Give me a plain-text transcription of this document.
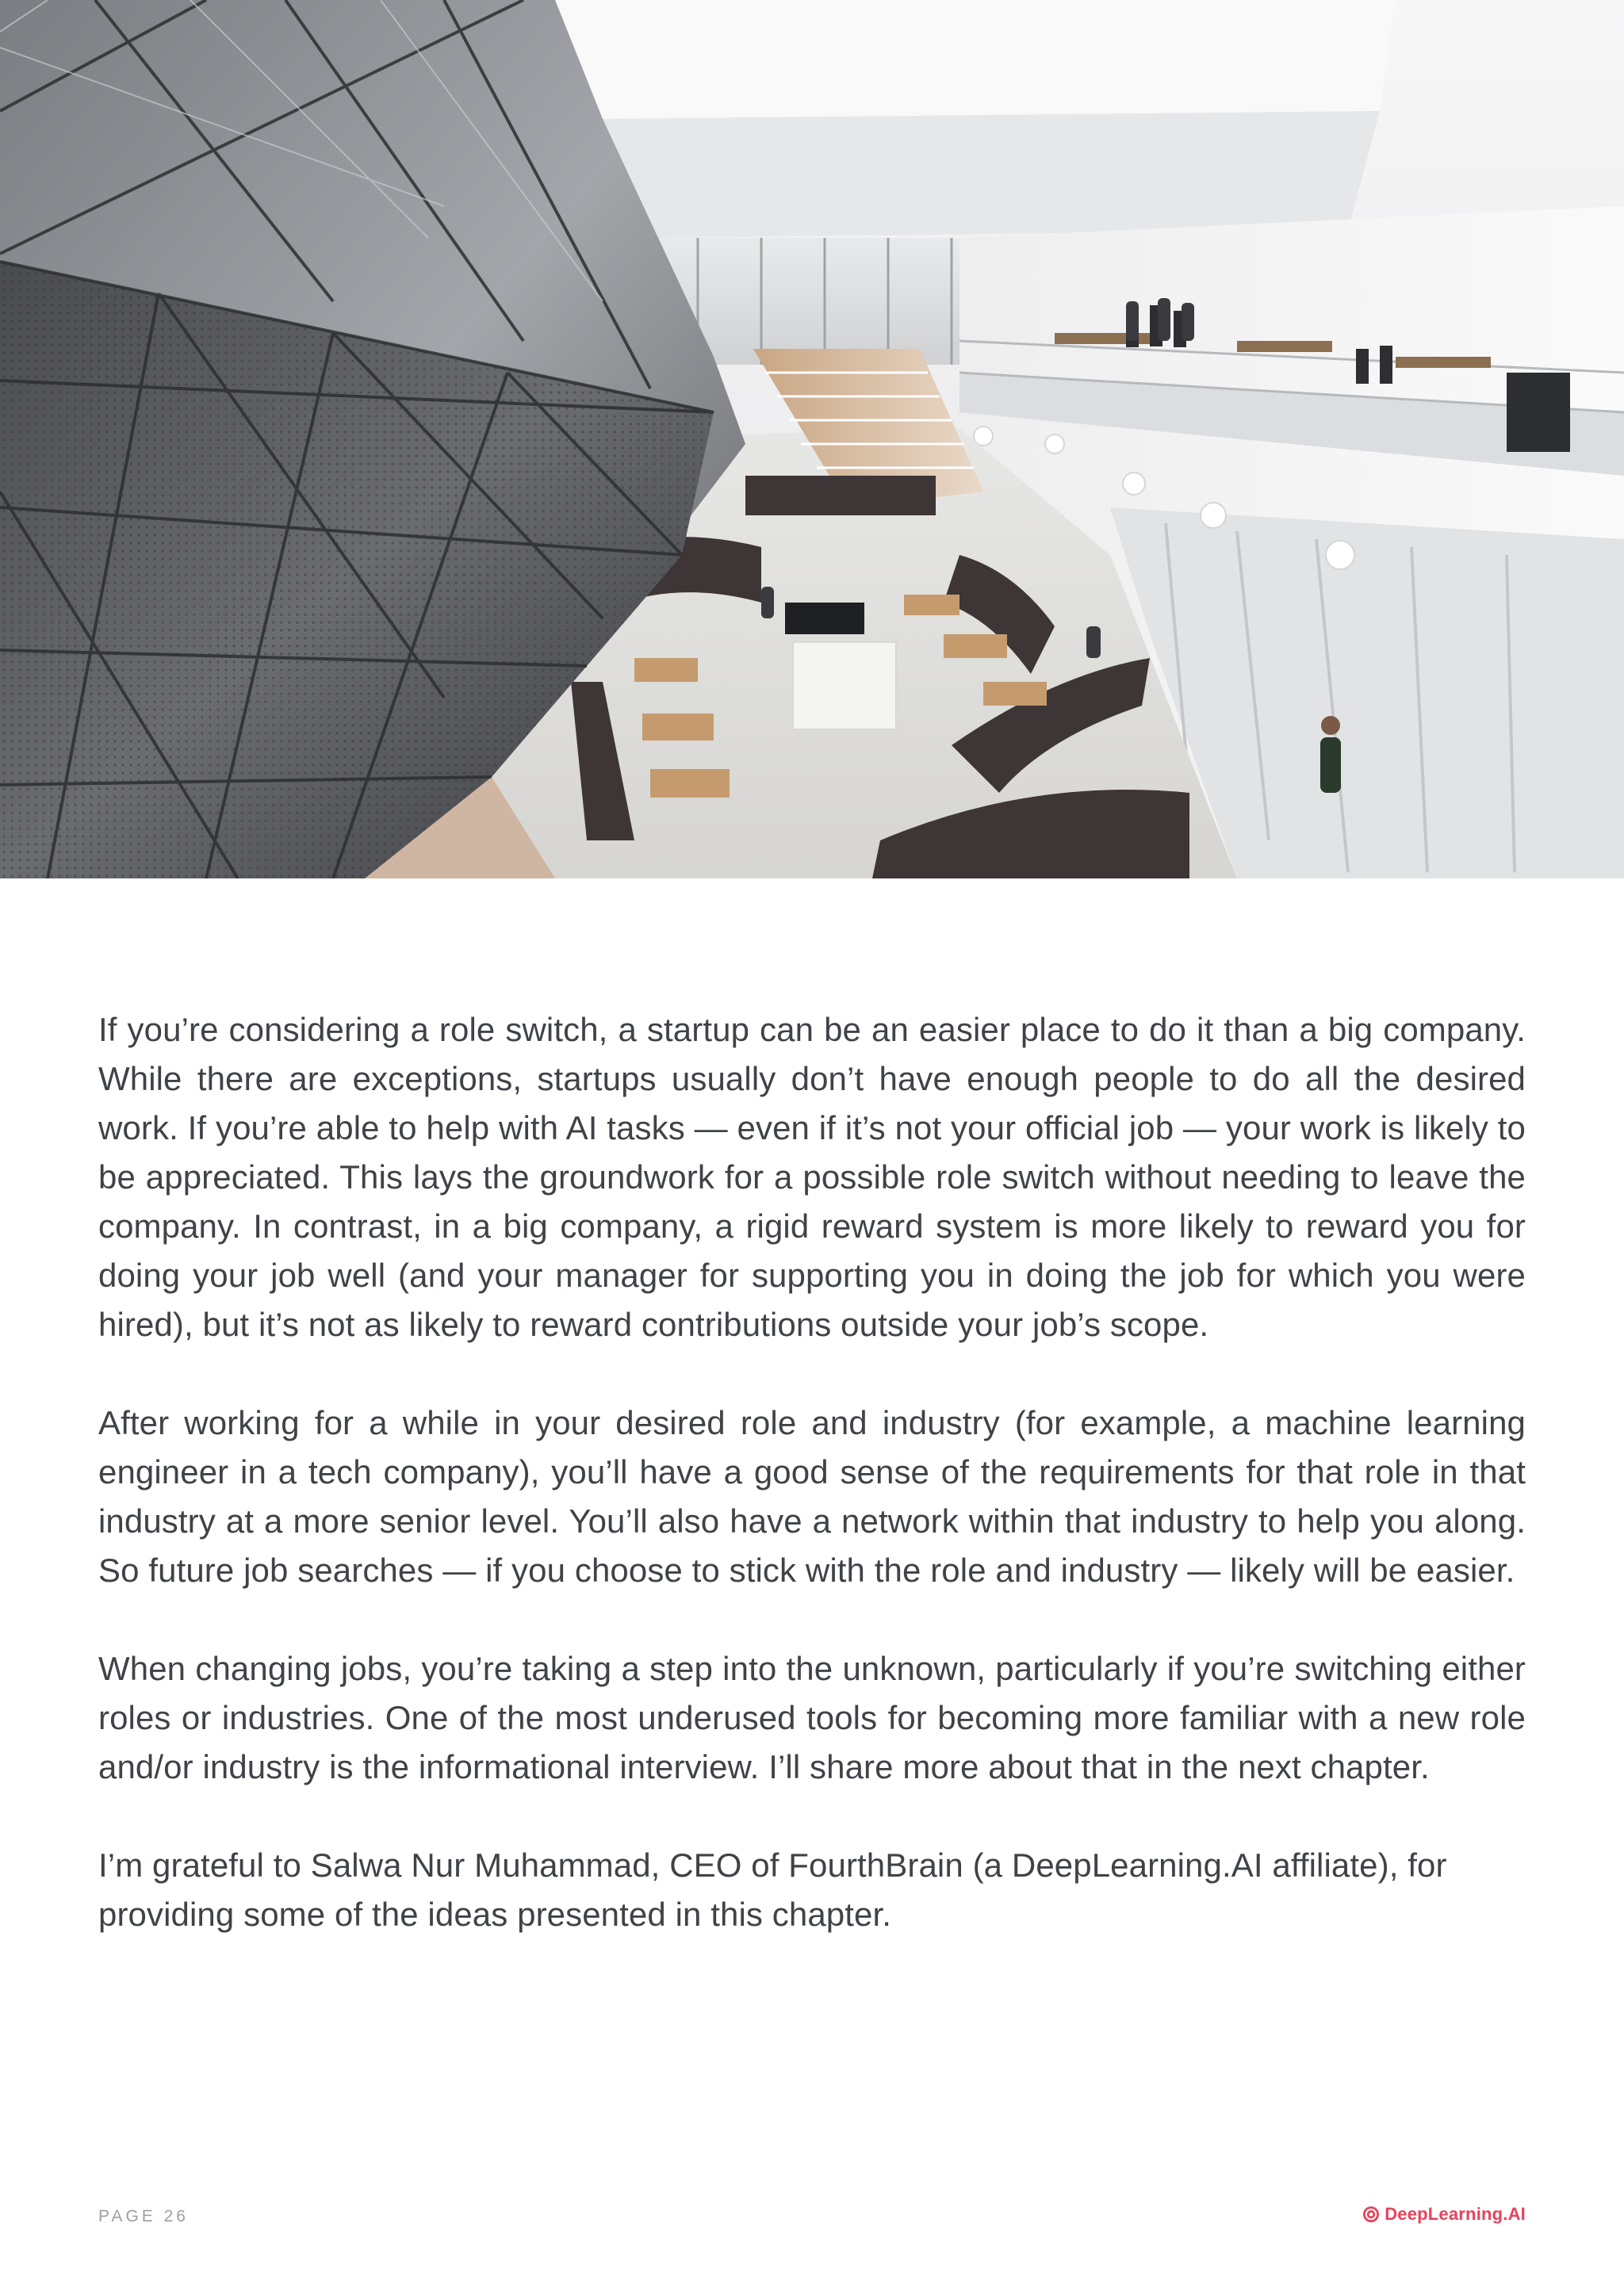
If you’re considering a role switch, a startup can be an easier place to do it than a big company. While there are exceptions, startups usually don’t have enough people to do all the desired work. If you’re able to help with AI tasks — even if it’s not your official job — your work is likely to be appreciated. This lays the groundwork for a possible role switch without needing to leave the company. In contrast, in a big company, a rigid reward system is more likely to reward you for doing your job well (and your manager for supporting you in doing the job for which you were hired), but it’s not as likely to reward contributions outside your job’s scope.

After working for a while in your desired role and industry (for example, a machine learning engineer in a tech company), you’ll have a good sense of the requirements for that role in that industry at a more senior level. You’ll also have a network within that industry to help you along. So future job searches — if you choose to stick with the role and industry — likely will be easier.

When changing jobs, you’re taking a step into the unknown, particularly if you’re switching either roles or industries. One of the most underused tools for becoming more familiar with a new role and/or industry is the informational interview. I’ll share more about that in the next chapter.

I’m grateful to Salwa Nur Muhammad, CEO of FourthBrain (a DeepLearning.AI affiliate), for providing some of the ideas presented in this chapter.

PAGE 26	DeepLearning.AI
